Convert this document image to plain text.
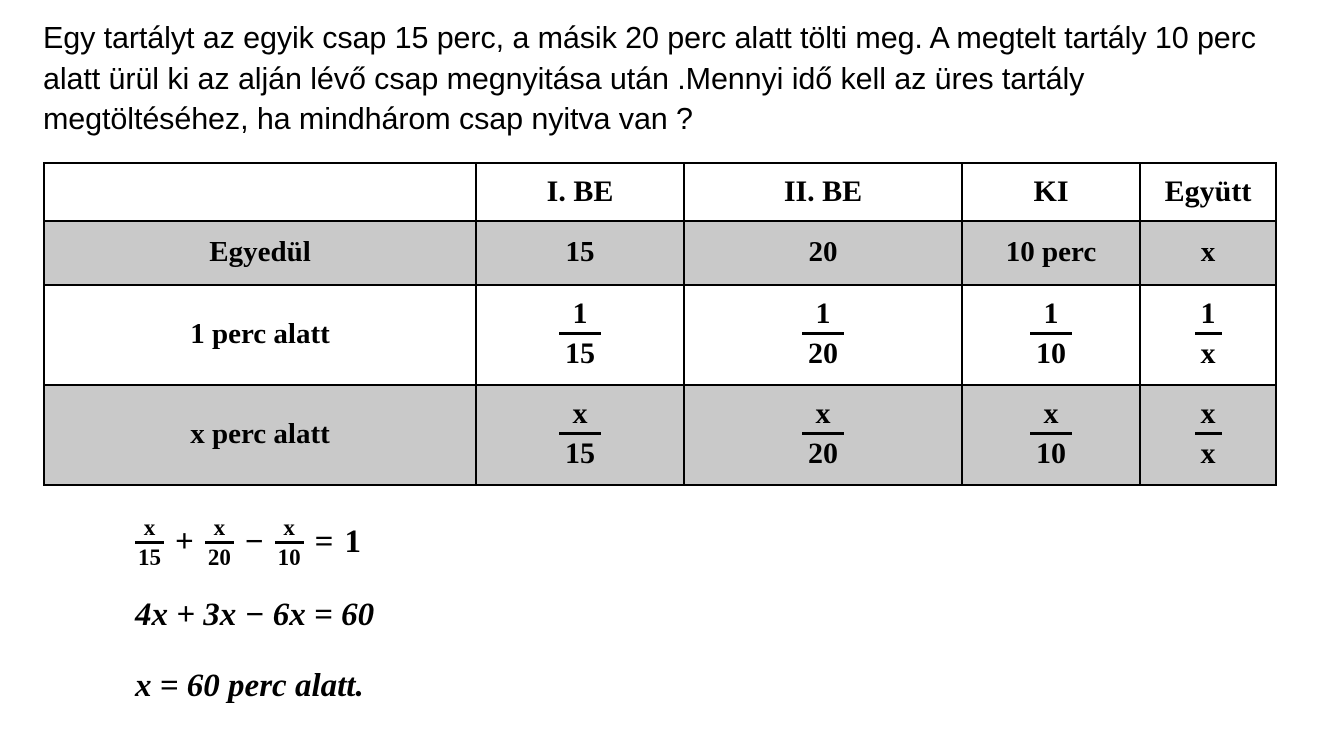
Egy tartályt az egyik csap 15 perc, a másik 20 perc alatt tölti meg. A megtelt tartály 10 perc alatt ürül ki az alján lévő csap megnyitása után .Mennyi idő kell az üres tartály megtöltéséhez, ha mindhárom csap nyitva van ?

	I. BE	II. BE	KI	Együtt
Egyedül	15	20	10 perc	x
1 perc alatt	$\frac{1}{15}$	$\frac{1}{20}$	$\frac{1}{10}$	$\frac{1}{x}$

x perc alatt	$\frac{x}{15}$	$\frac{x}{20}$	$\frac{x}{10}$	$\frac{x}{x}$
$\frac{x}{15} + \frac{x}{20} - \frac{x}{10} = 1$
4x + 3x − 6x = 60
x = 60 perc alatt.
